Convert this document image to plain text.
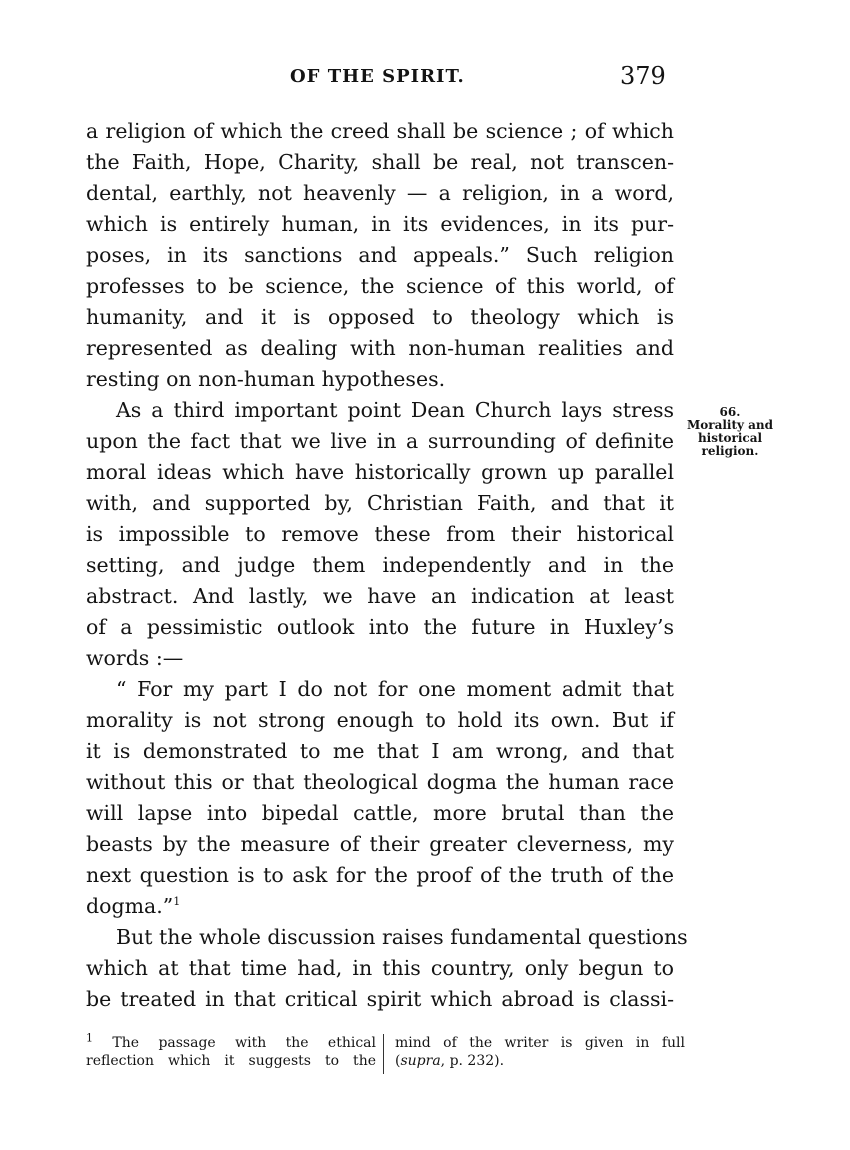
OF THE SPIRIT.	379
a religion of which the creed shall be science ; of which
the Faith, Hope, Charity, shall be real, not transcen-
dental, earthly, not heavenly — a religion, in a word,
which is entirely human, in its evidences, in its pur-
poses, in its sanctions and appeals.” Such religion
professes to be science, the science of this world, of
humanity, and it is opposed to theology which is
represented as dealing with non-human realities and
resting on non-human hypotheses.
As a third important point Dean Church lays stress
upon the fact that we live in a surrounding of definite
moral ideas which have historically grown up parallel
with, and supported by, Christian Faith, and that it
is impossible to remove these from their historical
setting, and judge them independently and in the
abstract. And lastly, we have an indication at least
of a pessimistic outlook into the future in Huxley’s
words :—
“ For my part I do not for one moment admit that
morality is not strong enough to hold its own. But if
it is demonstrated to me that I am wrong, and that
without this or that theological dogma the human race
will lapse into bipedal cattle, more brutal than the
beasts by the measure of their greater cleverness, my
next question is to ask for the proof of the truth of the
dogma.”$^1$
But the whole discussion raises fundamental questions
which at that time had, in this country, only begun to
be treated in that critical spirit which abroad is classi-
66.
Morality and
historical
religion.
$^1$ The passage with the ethical
reflection which it suggests to the
mind of the writer is given in full
(supra, p. 232).
